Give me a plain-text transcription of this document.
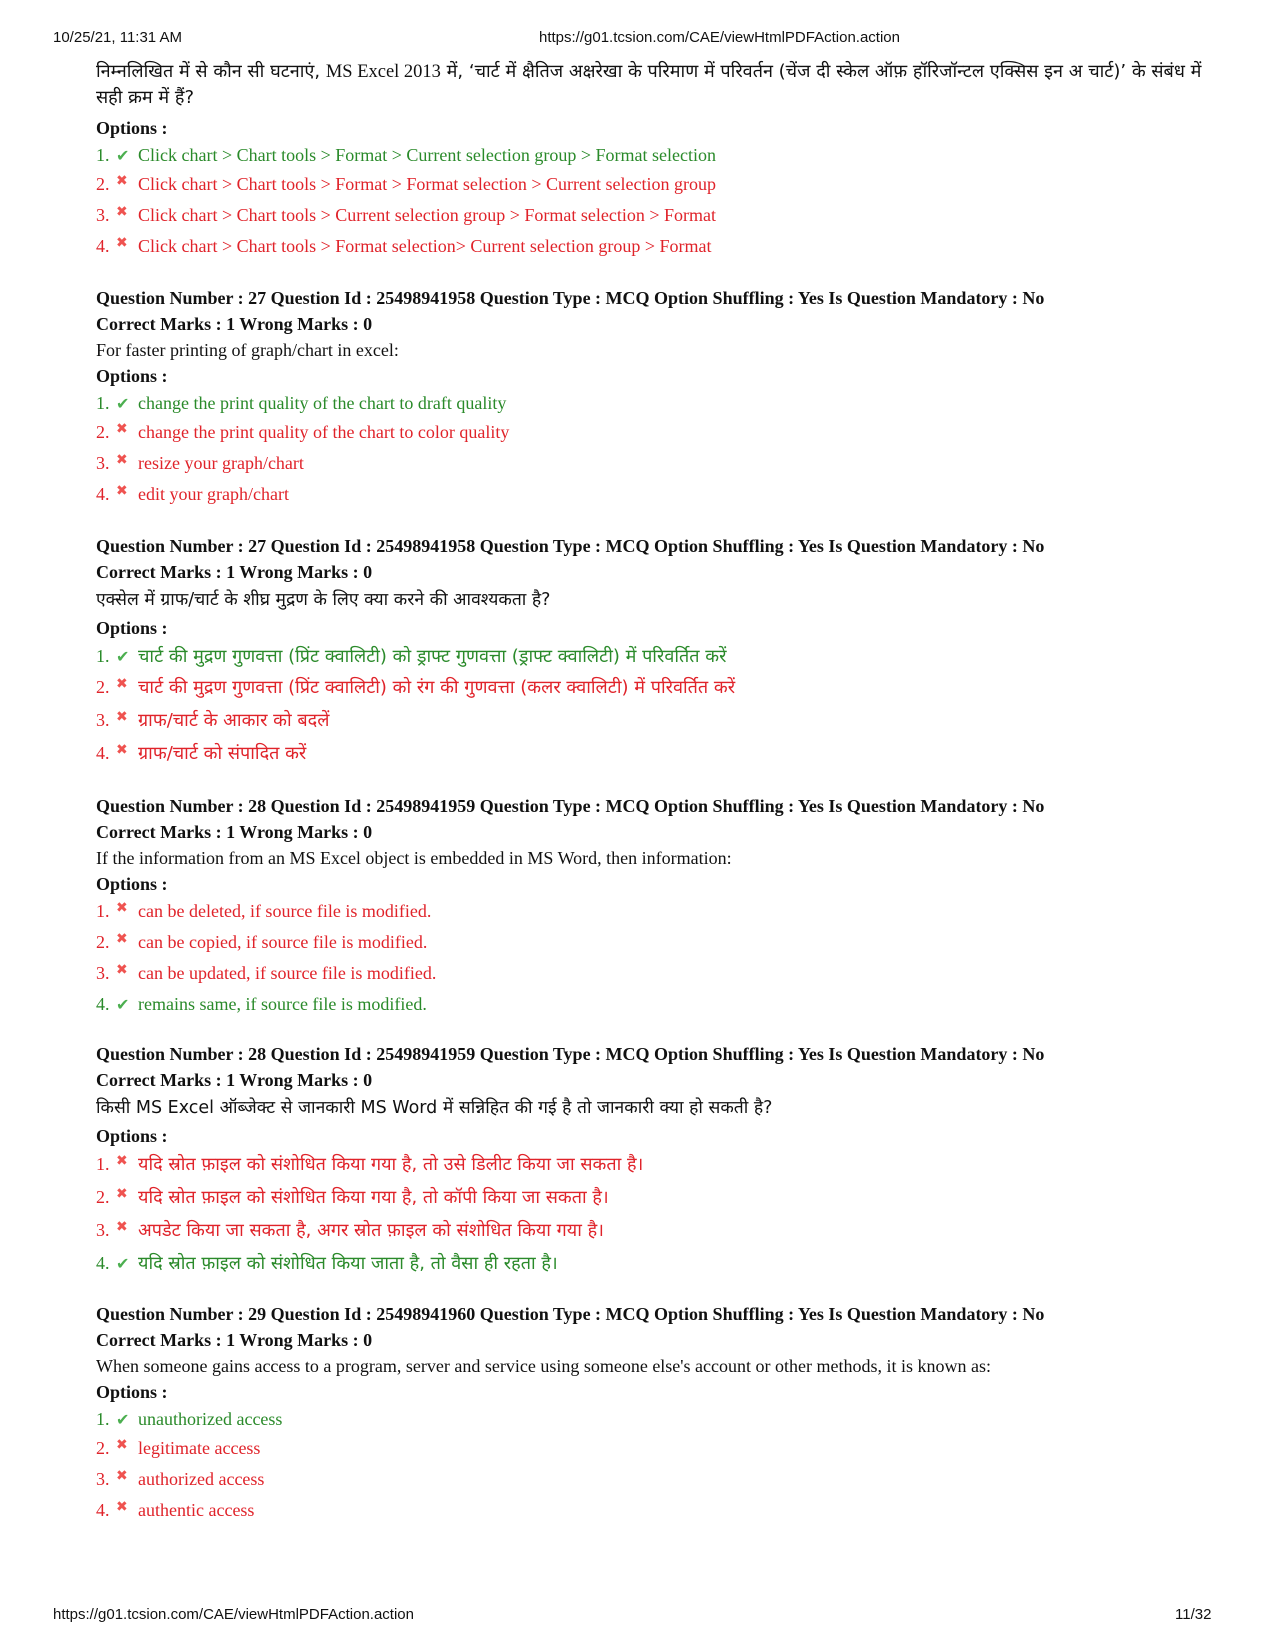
10/25/21, 11:31 AM	https://g01.tcsion.com/CAE/viewHtmlPDFAction.action
निम्नलिखित में से कौन सी घटनाएं, MS Excel 2013 में, ‘चार्ट में क्षैतिज अक्षरेखा के परिमाण में परिवर्तन (चेंज दी स्केल ऑफ़ हॉरिजॉन्टल एक्सिस इन अ चार्ट)’ के संबंध में सही क्रम में हैं?
Options :
1. ✔ Click chart > Chart tools > Format > Current selection group > Format selection
2. ✖ Click chart > Chart tools > Format > Format selection > Current selection group
3. ✖ Click chart > Chart tools > Current selection group > Format selection > Format
4. ✖ Click chart > Chart tools > Format selection> Current selection group > Format
Question Number : 27 Question Id : 25498941958 Question Type : MCQ Option Shuffling : Yes Is Question Mandatory : No
Correct Marks : 1 Wrong Marks : 0
For faster printing of graph/chart in excel:
Options :
1. ✔ change the print quality of the chart to draft quality
2. ✖ change the print quality of the chart to color quality
3. ✖ resize your graph/chart
4. ✖ edit your graph/chart
Question Number : 27 Question Id : 25498941958 Question Type : MCQ Option Shuffling : Yes Is Question Mandatory : No
Correct Marks : 1 Wrong Marks : 0
एक्सेल में ग्राफ/चार्ट के शीघ्र मुद्रण के लिए क्या करने की आवश्यकता है?
Options :
1. ✔ चार्ट की मुद्रण गुणवत्ता (प्रिंट क्वालिटी) को ड्राफ्ट गुणवत्ता (ड्राफ्ट क्वालिटी) में परिवर्तित करें
2. ✖ चार्ट की मुद्रण गुणवत्ता (प्रिंट क्वालिटी) को रंग की गुणवत्ता (कलर क्वालिटी) में परिवर्तित करें
3. ✖ ग्राफ/चार्ट के आकार को बदलें
4. ✖ ग्राफ/चार्ट को संपादित करें
Question Number : 28 Question Id : 25498941959 Question Type : MCQ Option Shuffling : Yes Is Question Mandatory : No
Correct Marks : 1 Wrong Marks : 0
If the information from an MS Excel object is embedded in MS Word, then information:
Options :
1. ✖ can be deleted, if source file is modified.
2. ✖ can be copied, if source file is modified.
3. ✖ can be updated, if source file is modified.
4. ✔ remains same, if source file is modified.
Question Number : 28 Question Id : 25498941959 Question Type : MCQ Option Shuffling : Yes Is Question Mandatory : No
Correct Marks : 1 Wrong Marks : 0
किसी MS Excel ऑब्जेक्ट से जानकारी MS Word में सन्निहित की गई है तो जानकारी क्या हो सकती है?
Options :
1. ✖ यदि स्रोत फ़ाइल को संशोधित किया गया है, तो उसे डिलीट किया जा सकता है।
2. ✖ यदि स्रोत फ़ाइल को संशोधित किया गया है, तो कॉपी किया जा सकता है।
3. ✖ अपडेट किया जा सकता है, अगर स्रोत फ़ाइल को संशोधित किया गया है।
4. ✔ यदि स्रोत फ़ाइल को संशोधित किया जाता है, तो वैसा ही रहता है।
Question Number : 29 Question Id : 25498941960 Question Type : MCQ Option Shuffling : Yes Is Question Mandatory : No
Correct Marks : 1 Wrong Marks : 0
When someone gains access to a program, server and service using someone else's account or other methods, it is known as:
Options :
1. ✔ unauthorized access
2. ✖ legitimate access
3. ✖ authorized access
4. ✖ authentic access
https://g01.tcsion.com/CAE/viewHtmlPDFAction.action	11/32
